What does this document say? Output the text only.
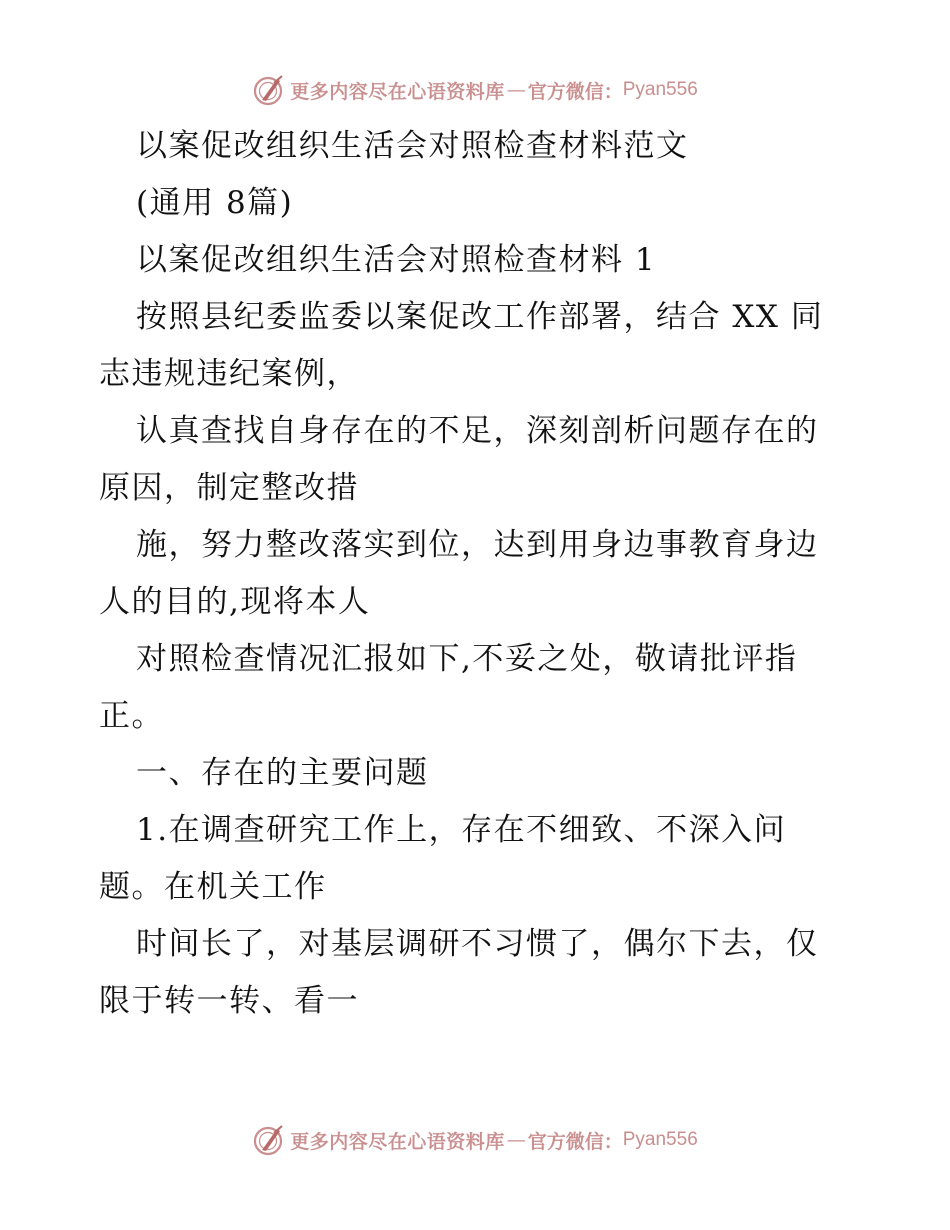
更多内容尽在心语资料库 — 官方微信： Pyan556
以案促改组织生活会对照检查材料范文
(通用 8篇)
以案促改组织生活会对照检查材料 1
按照县纪委监委以案促改工作部署，结合 XX 同
志违规违纪案例，
认真查找自身存在的不足，深刻剖析问题存在的
原因，制定整改措
施，努力整改落实到位，达到用身边事教育身边
人的目的,现将本人
对照检查情况汇报如下,不妥之处，敬请批评指
正。
一、存在的主要问题
1.在调查研究工作上，存在不细致、不深入问
题。在机关工作
时间长了，对基层调研不习惯了，偶尔下去，仅
限于转一转、看一
更多内容尽在心语资料库 — 官方微信： Pyan556
